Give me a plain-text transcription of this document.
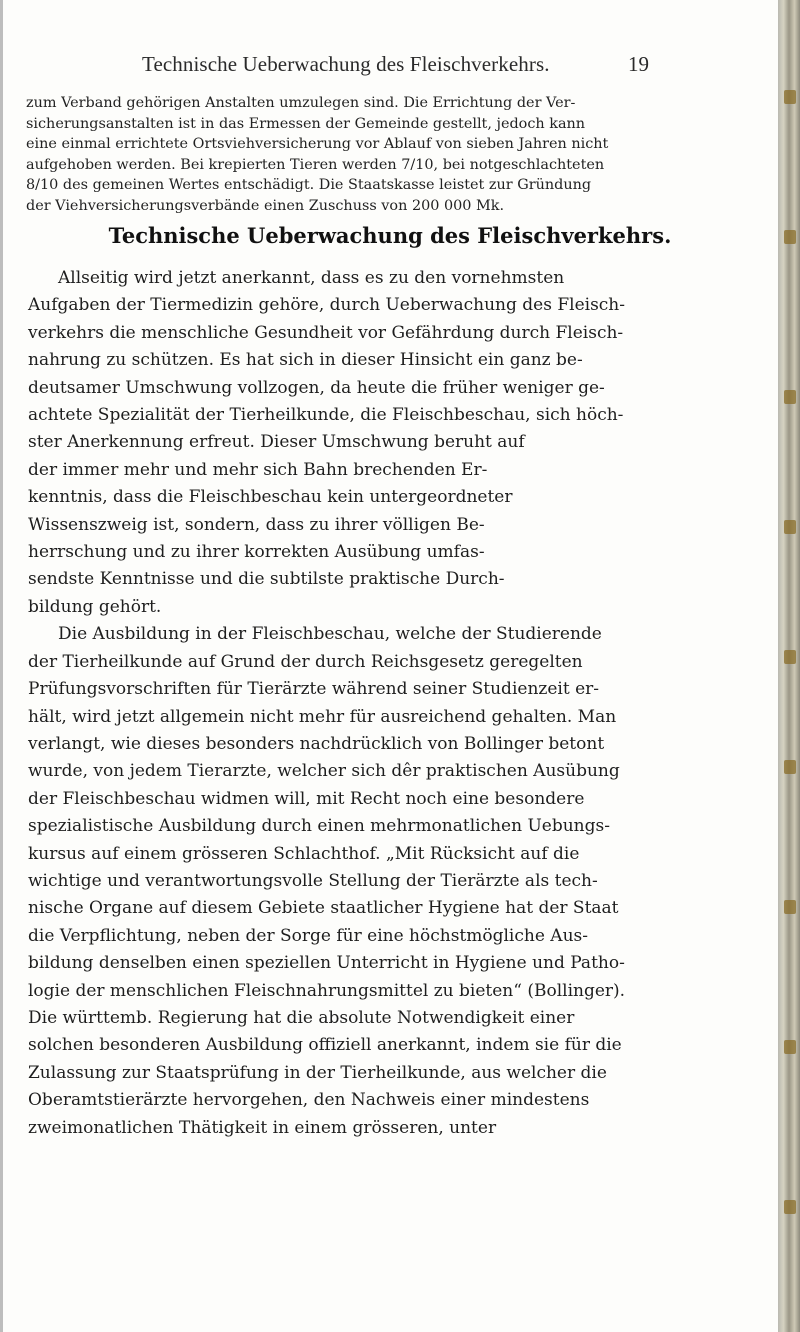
Technische Ueberwachung des Fleischverkehrs.	19
zum Verband gehörigen Anstalten umzulegen sind. Die Errichtung der Ver-
sicherungsanstalten ist in das Ermessen der Gemeinde gestellt, jedoch kann
eine einmal errichtete Ortsviehversicherung vor Ablauf von sieben Jahren nicht
aufgehoben werden. Bei krepierten Tieren werden 7/10, bei notgeschlachteten
8/10 des gemeinen Wertes entschädigt. Die Staatskasse leistet zur Gründung
der Viehversicherungsverbände einen Zuschuss von 200 000 Mk.
Technische Ueberwachung des Fleischverkehrs.
Allseitig wird jetzt anerkannt, dass es zu den vornehmsten
Aufgaben der Tiermedizin gehöre, durch Ueberwachung des Fleisch-
verkehrs die menschliche Gesundheit vor Gefährdung durch Fleisch-
nahrung zu schützen. Es hat sich in dieser Hinsicht ein ganz be-
deutsamer Umschwung vollzogen, da heute die früher weniger ge-
achtete Spezialität der Tierheilkunde, die Fleischbeschau, sich höch-
ster Anerkennung erfreut. Dieser Umschwung beruht auf
der immer mehr und mehr sich Bahn brechenden Er-
kenntnis, dass die Fleischbeschau kein untergeordneter
Wissenszweig ist, sondern, dass zu ihrer völligen Be-
herrschung und zu ihrer korrekten Ausübung umfas-
sendste Kenntnisse und die subtilste praktische Durch-
bildung gehört.
Die Ausbildung in der Fleischbeschau, welche der Studierende
der Tierheilkunde auf Grund der durch Reichsgesetz geregelten
Prüfungsvorschriften für Tierärzte während seiner Studienzeit er-
hält, wird jetzt allgemein nicht mehr für ausreichend gehalten. Man
verlangt, wie dieses besonders nachdrücklich von Bollinger betont
wurde, von jedem Tierarzte, welcher sich dêr praktischen Ausübung
der Fleischbeschau widmen will, mit Recht noch eine besondere
spezialistische Ausbildung durch einen mehrmonatlichen Uebungs-
kursus auf einem grösseren Schlachthof. „Mit Rücksicht auf die
wichtige und verantwortungsvolle Stellung der Tierärzte als tech-
nische Organe auf diesem Gebiete staatlicher Hygiene hat der Staat
die Verpflichtung, neben der Sorge für eine höchstmögliche Aus-
bildung denselben einen speziellen Unterricht in Hygiene und Patho-
logie der menschlichen Fleischnahrungsmittel zu bieten“ (Bollinger).
Die württemb. Regierung hat die absolute Notwendigkeit einer
solchen besonderen Ausbildung offiziell anerkannt, indem sie für die
Zulassung zur Staatsprüfung in der Tierheilkunde, aus welcher die
Oberamtstierärzte hervorgehen, den Nachweis einer mindestens
zweimonatlichen Thätigkeit in einem grösseren, unter
